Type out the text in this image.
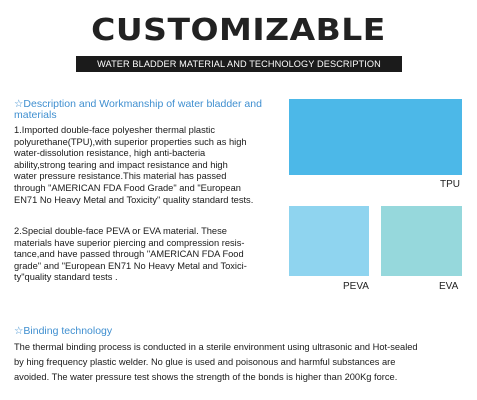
CUSTOMIZABLE
WATER BLADDER MATERIAL AND TECHNOLOGY DESCRIPTION
☆Description and Workmanship of water bladder and
materials
1.Imported double-face polyesher thermal plastic
polyurethane(TPU),with superior properties such as high
water-dissolution resistance, high anti-bacteria
ability,strong tearing and impact resistance and high
water pressure resistance.This material has passed
through "AMERICAN FDA Food Grade" and "European
EN71 No Heavy Metal and Toxicity" quality standard tests.
2.Special double-face PEVA or EVA material. These
materials have superior piercing and compression resis-
tance,and have passed through "AMERICAN FDA Food
grade" and "European EN71 No Heavy Metal and Toxici-
ty"quality standard tests .
TPU
PEVA	EVA
☆Binding technology
The thermal binding process is conducted in a sterile environment using ultrasonic and Hot-sealed
by hing frequency plastic welder. No glue is used and poisonous and harmful substances are
avoided. The water pressure test shows the strength of the bonds is higher than 200Kg force.
